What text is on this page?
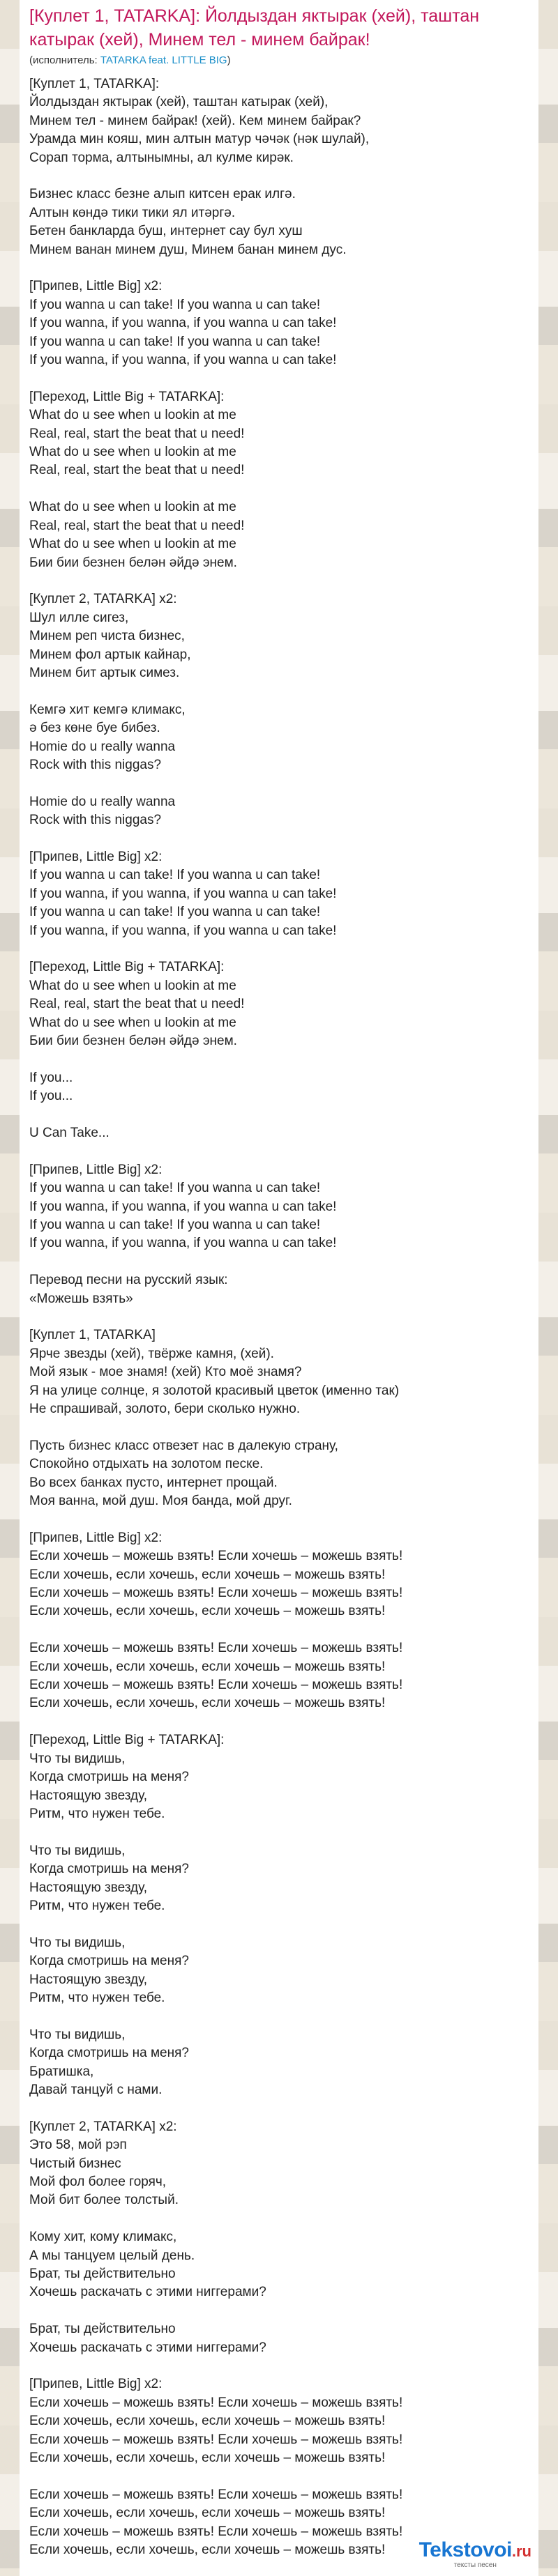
[Куплет 1, TATARKA]: Йолдыздан яктырак (хей), таштан катырак (хей), Минем тел - минем байрак!
(исполнитель: TATARKA feat. LITTLE BIG)
[Куплет 1, TATARKA]:
Йолдыздан яктырак (хей), таштан катырак (хей),
Минем тел - минем байрак! (хей). Кем минем байрак?
Урамда мин кояш, мин алтын матур чәчәк (нәк шулай),
Сорап торма, алтынымны, ал кулме кирәк.
Бизнес класс безне алып китсен ерак илгә.
Алтын көндә тики тики ял итәргә.
Бетен банкларда буш, интернет сау бул хуш
Минем ванан минем душ, Минем банан минем дус.
[Припев, Little Big] x2:
If you wanna u can take! If you wanna u can take!
If you wanna, if you wanna, if you wanna u can take!
If you wanna u can take! If you wanna u can take!
If you wanna, if you wanna, if you wanna u can take!
[Переход, Little Big + TATARKA]:
What do u see when u lookin at me
Real, real, start the beat that u need!
What do u see when u lookin at me
Real, real, start the beat that u need!
What do u see when u lookin at me
Real, real, start the beat that u need!
What do u see when u lookin at me
Бии бии безнен белән әйдә энем.
[Куплет 2, TATARKA] x2:
Шул илле сигез,
Минем реп чиста бизнес,
Минем фол артык кайнар,
Минем бит артык симез.
Кемгә хит кемгә климакс,
ә без көне буе бибез.
Homie do u really wanna
Rock with this niggas?
Homie do u really wanna
Rock with this niggas?
[Припев, Little Big] x2:
If you wanna u can take! If you wanna u can take!
If you wanna, if you wanna, if you wanna u can take!
If you wanna u can take! If you wanna u can take!
If you wanna, if you wanna, if you wanna u can take!
[Переход, Little Big + TATARKA]:
What do u see when u lookin at me
Real, real, start the beat that u need!
What do u see when u lookin at me
Бии бии безнен белән әйдә энем.
If you...
If you...
U Can Take...
[Припев, Little Big] x2:
If you wanna u can take! If you wanna u can take!
If you wanna, if you wanna, if you wanna u can take!
If you wanna u can take! If you wanna u can take!
If you wanna, if you wanna, if you wanna u can take!
Перевод песни на русский язык:
«Можешь взять»
[Куплет 1, TATARKA]
Ярче звезды (хей), твёрже камня, (хей).
Мой язык - мое знамя! (хей) Кто моё знамя?
Я на улице солнце, я золотой красивый цветок (именно так)
Не спрашивай, золото, бери сколько нужно.
Пусть бизнес класс отвезет нас в далекую страну,
Спокойно отдыхать на золотом песке.
Во всех банках пусто, интернет прощай.
Моя ванна, мой душ. Моя банда, мой друг.
[Припев, Little Big] x2:
Если хочешь – можешь взять! Если хочешь – можешь взять!
Если хочешь, если хочешь, если хочешь – можешь взять!
Если хочешь – можешь взять! Если хочешь – можешь взять!
Если хочешь, если хочешь, если хочешь – можешь взять!
Если хочешь – можешь взять! Если хочешь – можешь взять!
Если хочешь, если хочешь, если хочешь – можешь взять!
Если хочешь – можешь взять! Если хочешь – можешь взять!
Если хочешь, если хочешь, если хочешь – можешь взять!
[Переход, Little Big + TATARKA]:
Что ты видишь,
Когда смотришь на меня?
Настоящую звезду,
Ритм, что нужен тебе.
Что ты видишь,
Когда смотришь на меня?
Настоящую звезду,
Ритм, что нужен тебе.
Что ты видишь,
Когда смотришь на меня?
Настоящую звезду,
Ритм, что нужен тебе.
Что ты видишь,
Когда смотришь на меня?
Братишка,
Давай танцуй с нами.
[Куплет 2, TATARKA] x2:
Это 58, мой рэп
Чистый бизнес
Мой фол более горяч,
Мой бит более толстый.
Кому хит, кому климакс,
А мы танцуем целый день.
Брат, ты действительно
Хочешь раскачать с этими ниггерами?
Брат, ты действительно
Хочешь раскачать с этими ниггерами?
[Припев, Little Big] x2:
Если хочешь – можешь взять! Если хочешь – можешь взять!
Если хочешь, если хочешь, если хочешь – можешь взять!
Если хочешь – можешь взять! Если хочешь – можешь взять!
Если хочешь, если хочешь, если хочешь – можешь взять!
Если хочешь – можешь взять! Если хочешь – можешь взять!
Если хочешь, если хочешь, если хочешь – можешь взять!
Если хочешь – можешь взять! Если хочешь – можешь взять!
Если хочешь, если хочешь, если хочешь – можешь взять!	Tekstovoi.ru
тексты песен
